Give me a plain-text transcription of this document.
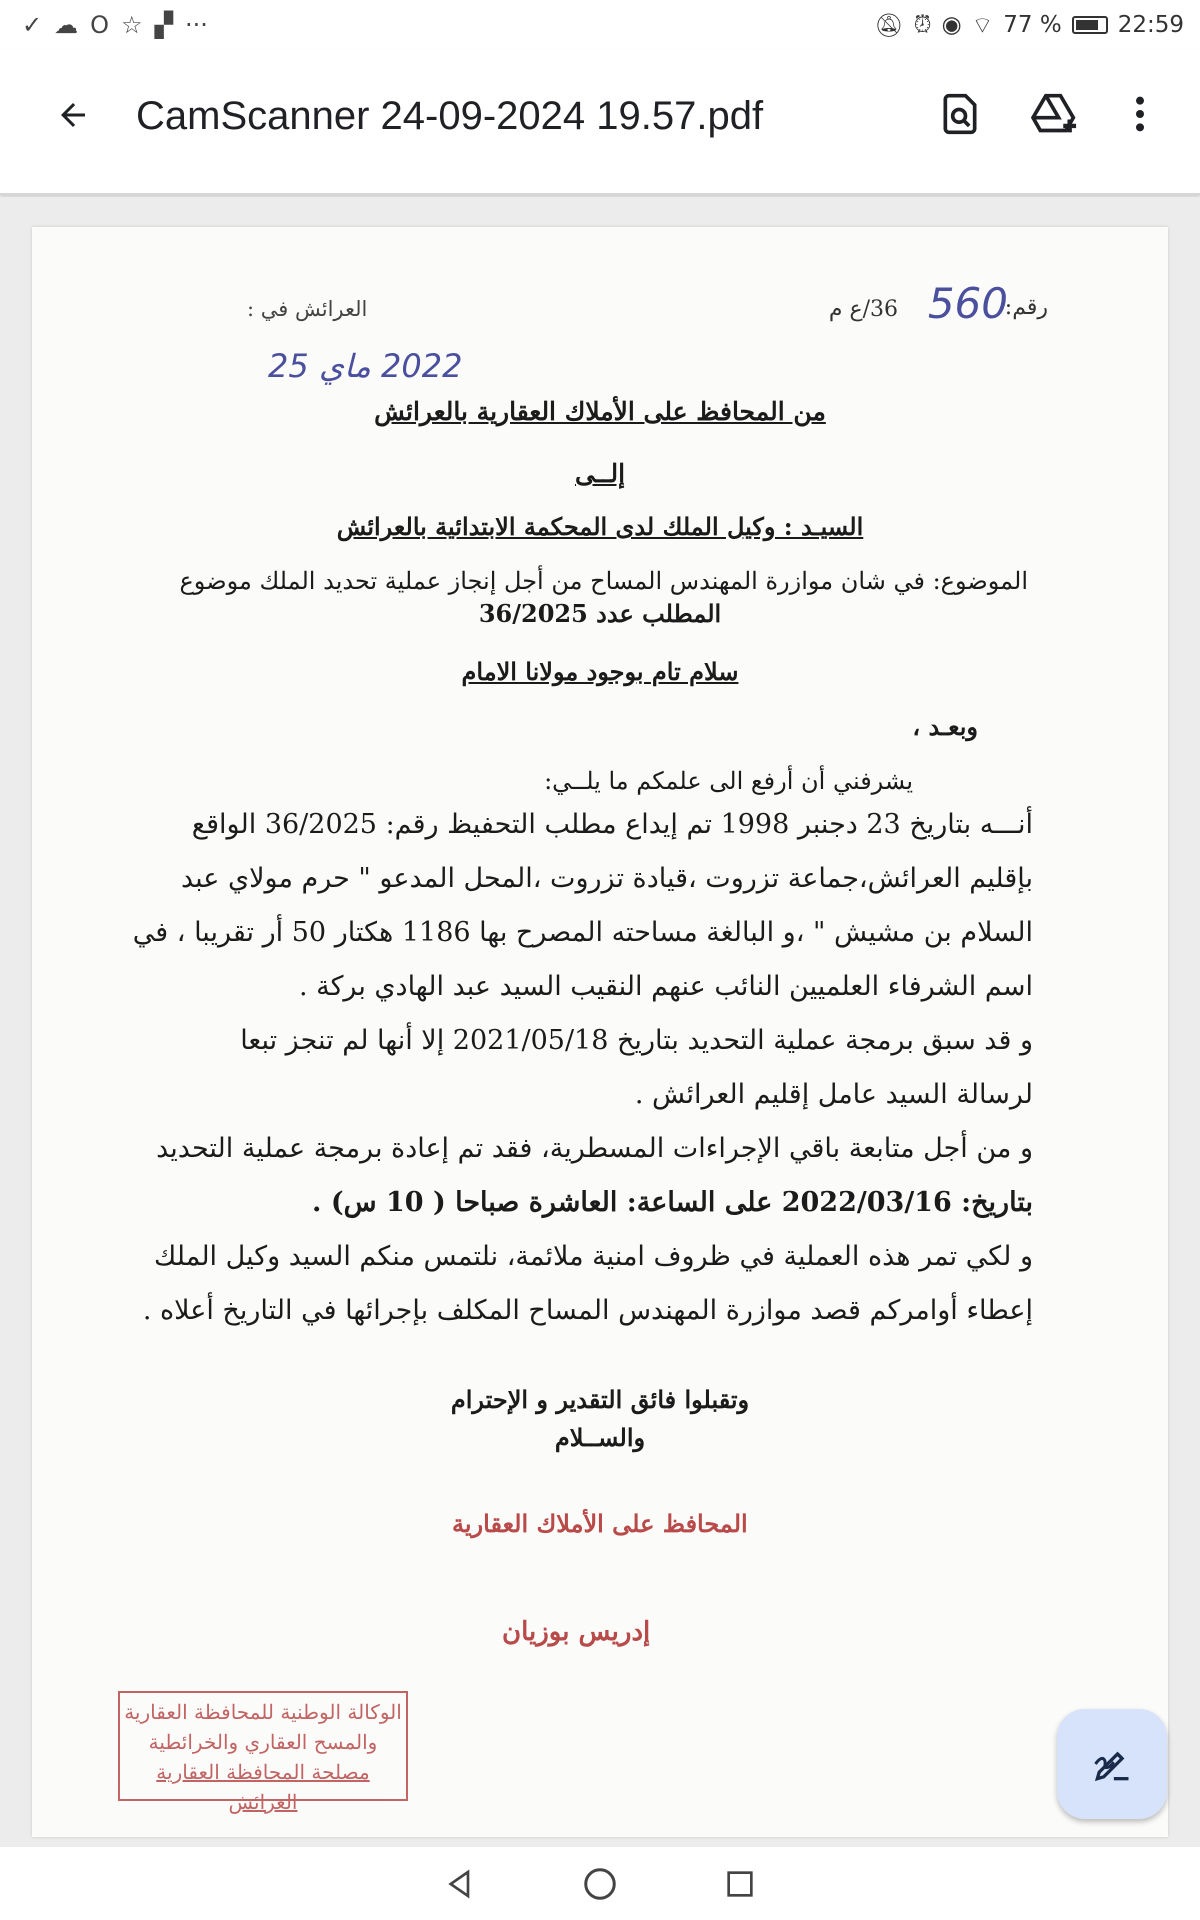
✓ ☁ O ☆ ▞ ···	🔕︎ ⏰︎ ◉ ⌔ 77 % 22:59
CamScanner 24-09-2024 19.57.pdf
رقم:
560
36/ع م
العرائش في :
2022 ماي 25
من المحافظ على الأملاك العقارية بالعرائش
إلــى
السيـد : وكيل الملك لدى المحكمة الابتدائية بالعرائش
الموضوع: في شان موازرة المهندس المساح من أجل إنجاز عملية تحديد الملك موضوع
المطلب عدد 36/2025
سلام تام بوجود مولانا الامام
وبعـد ،
يشرفني أن أرفع الى علمكم ما يلــي:
أنـــه بتاريخ 23 دجنبر 1998 تم إيداع مطلب التحفيظ رقم: 36/2025 الواقع
بإقليم العرائش،جماعة تزروت ،قيادة تزروت ،المحل المدعو " حرم مولاي عبد
السلام بن مشيش " ،و البالغة مساحته المصرح بها 1186 هكتار 50 أر تقريبا ، في
اسم الشرفاء العلميين النائب عنهم النقيب السيد عبد الهادي بركة .
و قد سبق برمجة عملية التحديد بتاريخ 2021/05/18 إلا أنها لم تنجز تبعا
لرسالة السيد عامل إقليم العرائش .
و من أجل متابعة باقي الإجراءات المسطرية، فقد تم إعادة برمجة عملية التحديد
بتاريخ: 2022/03/16 على الساعة: العاشرة صباحا ( 10 س) .
و لكي تمر هذه العملية في ظروف امنية ملائمة، نلتمس منكم السيد وكيل الملك
إعطاء أوامركم قصد موازرة المهندس المساح المكلف بإجرائها في التاريخ أعلاه .
وتقبلوا فائق التقدير و الإحترام
والســلام
المحافظ على الأملاك العقارية
إدريس بوزيان
الوكالة الوطنية للمحافظة العقارية
والمسح العقاري والخرائطية
مصلحة المحافظة العقارية العرائش
